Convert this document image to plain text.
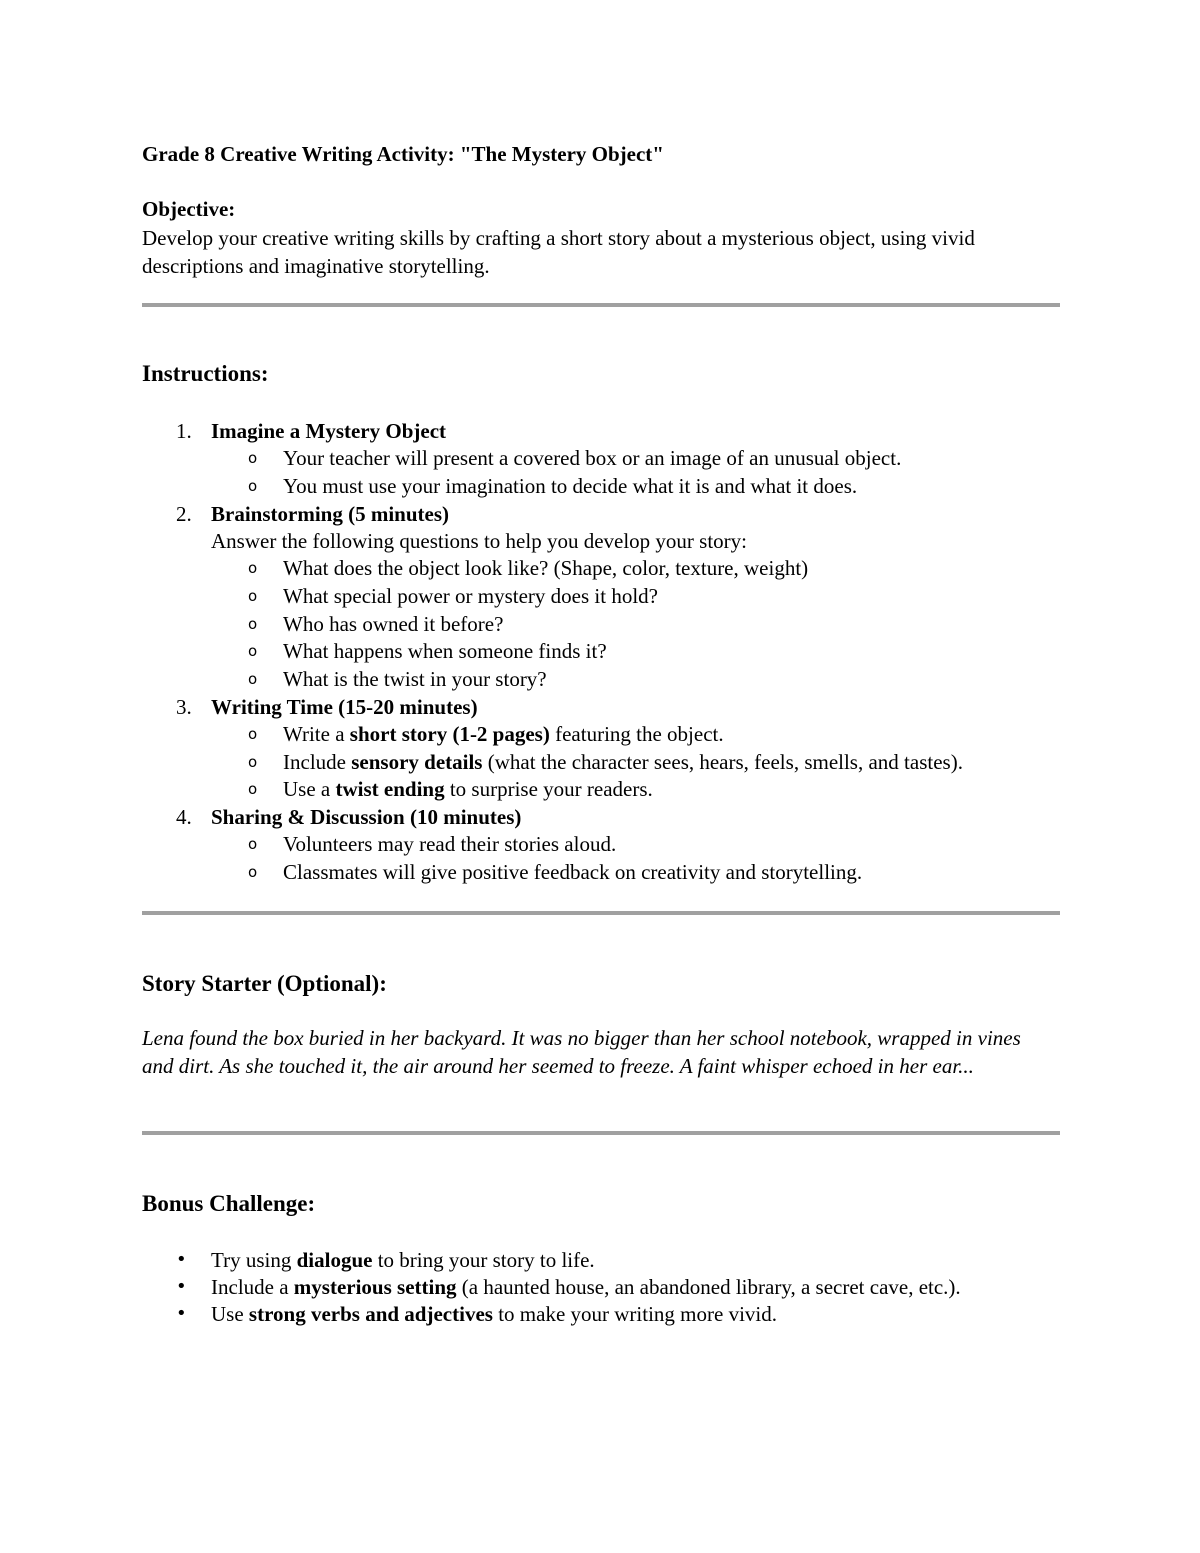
Grade 8 Creative Writing Activity: "The Mystery Object"
Objective:
Develop your creative writing skills by crafting a short story about a mysterious object, using vivid descriptions and imaginative storytelling.
Instructions:
1. Imagine a Mystery Object
o Your teacher will present a covered box or an image of an unusual object.
o You must use your imagination to decide what it is and what it does.
2. Brainstorming (5 minutes)
Answer the following questions to help you develop your story:
o What does the object look like? (Shape, color, texture, weight)
o What special power or mystery does it hold?
o Who has owned it before?
o What happens when someone finds it?
o What is the twist in your story?
3. Writing Time (15-20 minutes)
o Write a short story (1-2 pages) featuring the object.
o Include sensory details (what the character sees, hears, feels, smells, and tastes).
o Use a twist ending to surprise your readers.
4. Sharing & Discussion (10 minutes)
o Volunteers may read their stories aloud.
o Classmates will give positive feedback on creativity and storytelling.
Story Starter (Optional):
Lena found the box buried in her backyard. It was no bigger than her school notebook, wrapped in vines and dirt. As she touched it, the air around her seemed to freeze. A faint whisper echoed in her ear...
Bonus Challenge:
• Try using dialogue to bring your story to life.
• Include a mysterious setting (a haunted house, an abandoned library, a secret cave, etc.).
• Use strong verbs and adjectives to make your writing more vivid.
